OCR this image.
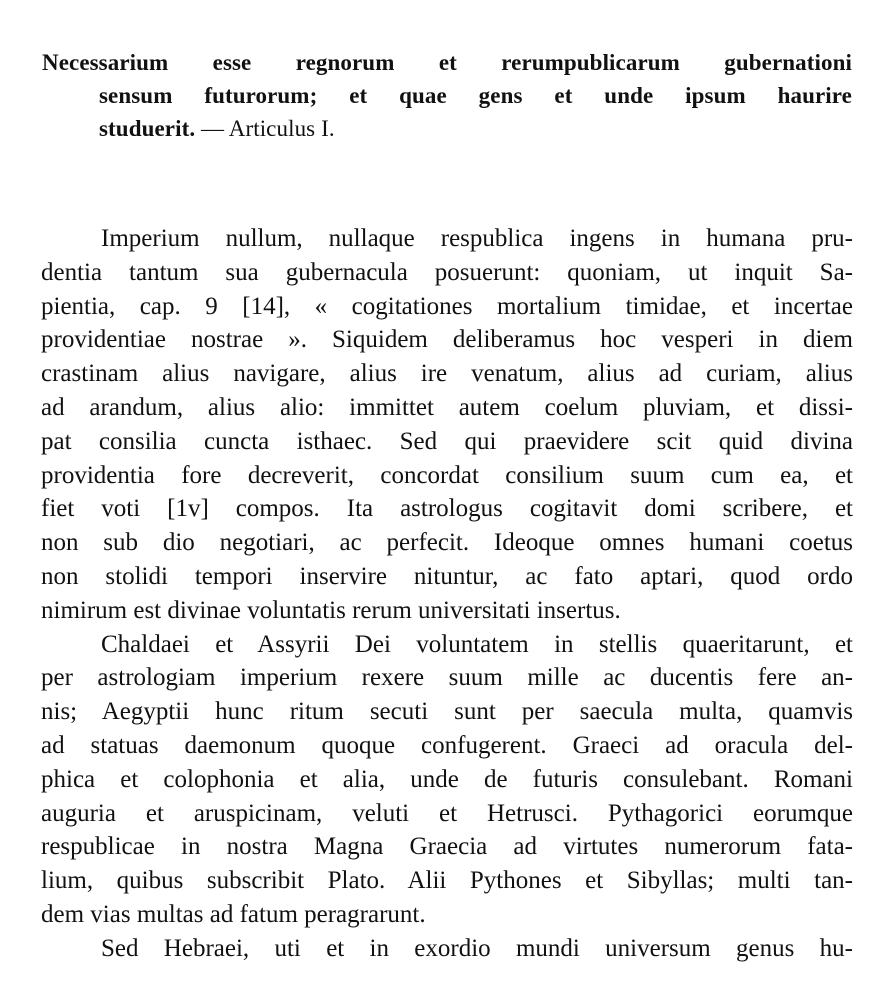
Necessarium esse regnorum et rerumpublicarum gubernationi
sensum futurorum; et quae gens et unde ipsum haurire
studuerit. — Articulus I.
Imperium nullum, nullaque respublica ingens in humana pru-
dentia tantum sua gubernacula posuerunt: quoniam, ut inquit Sa-
pientia, cap. 9 [14], « cogitationes mortalium timidae, et incertae
providentiae nostrae ». Siquidem deliberamus hoc vesperi in diem
crastinam alius navigare, alius ire venatum, alius ad curiam, alius
ad arandum, alius alio: immittet autem coelum pluviam, et dissi-
pat consilia cuncta isthaec. Sed qui praevidere scit quid divina
providentia fore decreverit, concordat consilium suum cum ea, et
fiet voti [1v] compos. Ita astrologus cogitavit domi scribere, et
non sub dio negotiari, ac perfecit. Ideoque omnes humani coetus
non stolidi tempori inservire nituntur, ac fato aptari, quod ordo
nimirum est divinae voluntatis rerum universitati insertus.
Chaldaei et Assyrii Dei voluntatem in stellis quaeritarunt, et
per astrologiam imperium rexere suum mille ac ducentis fere an-
nis; Aegyptii hunc ritum secuti sunt per saecula multa, quamvis
ad statuas daemonum quoque confugerent. Graeci ad oracula del-
phica et colophonia et alia, unde de futuris consulebant. Romani
auguria et aruspicinam, veluti et Hetrusci. Pythagorici eorumque
respublicae in nostra Magna Graecia ad virtutes numerorum fata-
lium, quibus subscribit Plato. Alii Pythones et Sibyllas; multi tan-
dem vias multas ad fatum peragrarunt.
Sed Hebraei, uti et in exordio mundi universum genus hu-
